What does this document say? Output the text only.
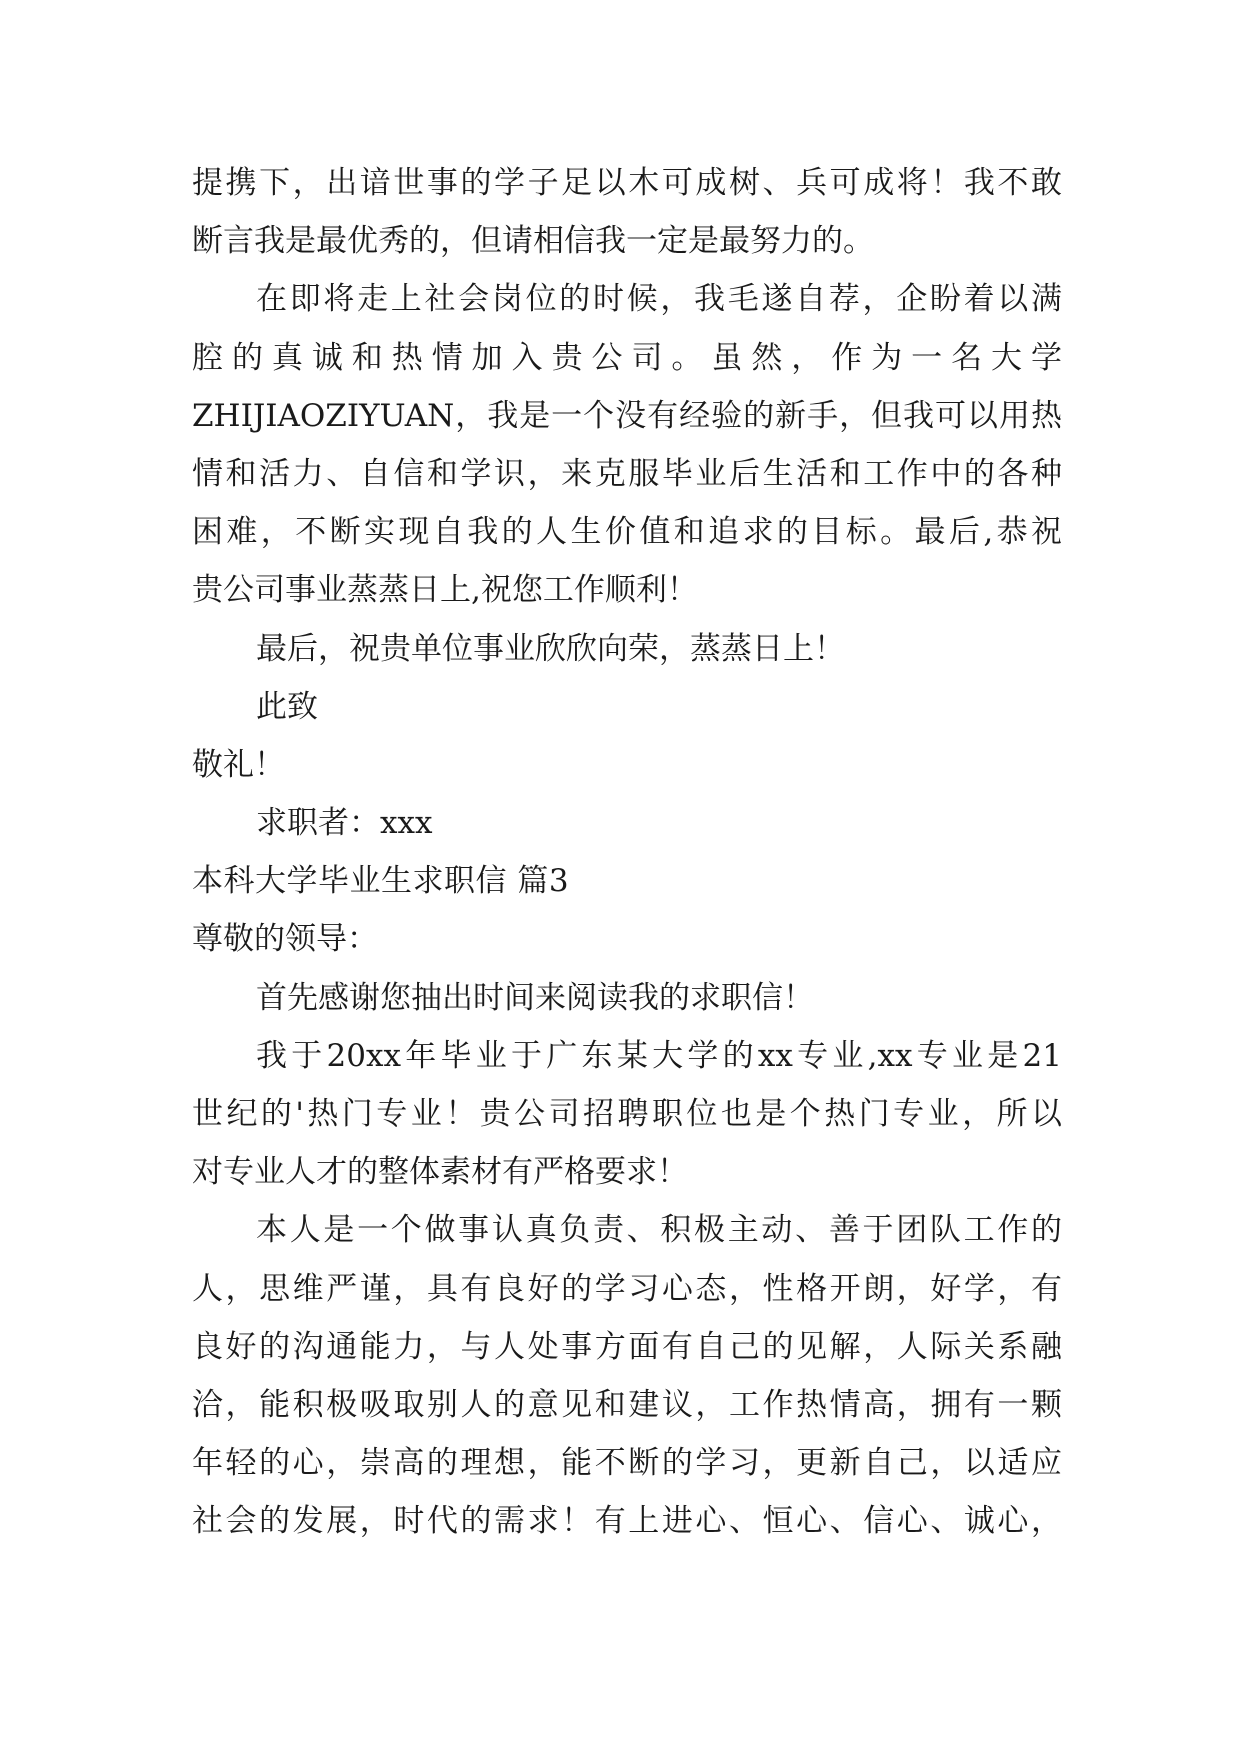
提携下，出谙世事的学子足以木可成树、兵可成将！我不敢
断言我是最优秀的，但请相信我一定是最努力的。
在即将走上社会岗位的时候，我毛遂自荐，企盼着以满
腔的真诚和热情加入贵公司。虽然，作为一名大学
ZHIJIAOZIYUAN，我是一个没有经验的新手，但我可以用热
情和活力、自信和学识，来克服毕业后生活和工作中的各种
困难，不断实现自我的人生价值和追求的目标。最后,恭祝
贵公司事业蒸蒸日上,祝您工作顺利！
最后，祝贵单位事业欣欣向荣，蒸蒸日上！
此致
敬礼！
求职者：xxx
本科大学毕业生求职信 篇3
尊敬的领导：
首先感谢您抽出时间来阅读我的求职信！
我于20xx年毕业于广东某大学的xx专业,xx专业是21
世纪的'热门专业！贵公司招聘职位也是个热门专业，所以
对专业人才的整体素材有严格要求！
本人是一个做事认真负责、积极主动、善于团队工作的
人，思维严谨，具有良好的学习心态，性格开朗，好学，有
良好的沟通能力，与人处事方面有自己的见解，人际关系融
洽，能积极吸取别人的意见和建议，工作热情高，拥有一颗
年轻的心，崇高的理想，能不断的学习，更新自己，以适应
社会的发展，时代的需求！有上进心、恒心、信心、诚心，
